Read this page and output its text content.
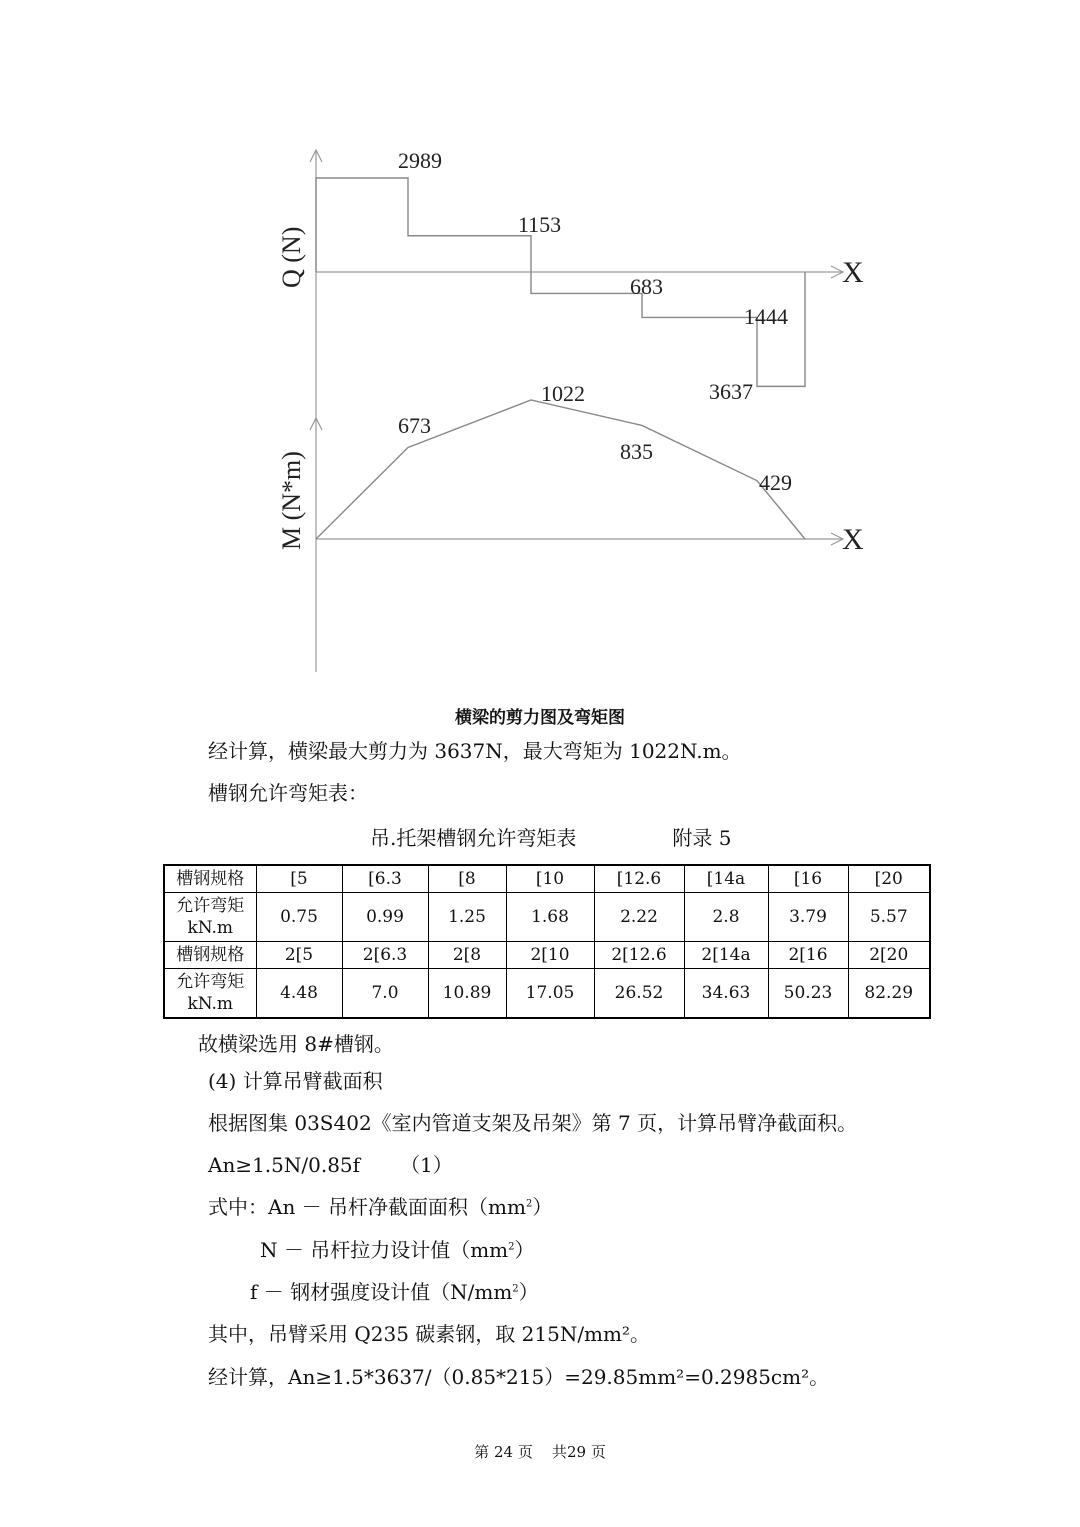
X
Q (N)
2989
1153
683
1444
3637
X
M (N*m)
673
1022
835
429
横梁的剪力图及弯矩图
经计算，横梁最大剪力为 3637N，最大弯矩为 1022N.m。
槽钢允许弯矩表：
吊.托架槽钢允许弯矩表	附录 5
槽钢规格	[5	[6.3	[8	[10	[12.6	[14a	[16	[20

允许弯矩
kN.m	0.75	0.99	1.25	1.68	2.22	2.8	3.79	5.57
槽钢规格	2[5	2[6.3	2[8	2[10	2[12.6	2[14a	2[16	2[20

允许弯矩
kN.m	4.48	7.0	10.89	17.05	26.52	34.63	50.23	82.29
故横梁选用 8#槽钢。
(4) 计算吊臂截面积
根据图集 03S402《室内管道支架及吊架》第 7 页，计算吊臂净截面积。
An≥1.5N/0.85f （1）
式中：An － 吊杆净截面面积$(mm^2)$
N － 吊杆拉力设计值$(mm^2)$
f － 钢材强度设计值$(N/mm^2)$
其中，吊臂采用 Q235 碳素钢，取 215N/mm²。
经计算，An≥1.5*3637/（0.85*215）=29.85mm²=0.2985cm²。
第 24 页 共29 页
